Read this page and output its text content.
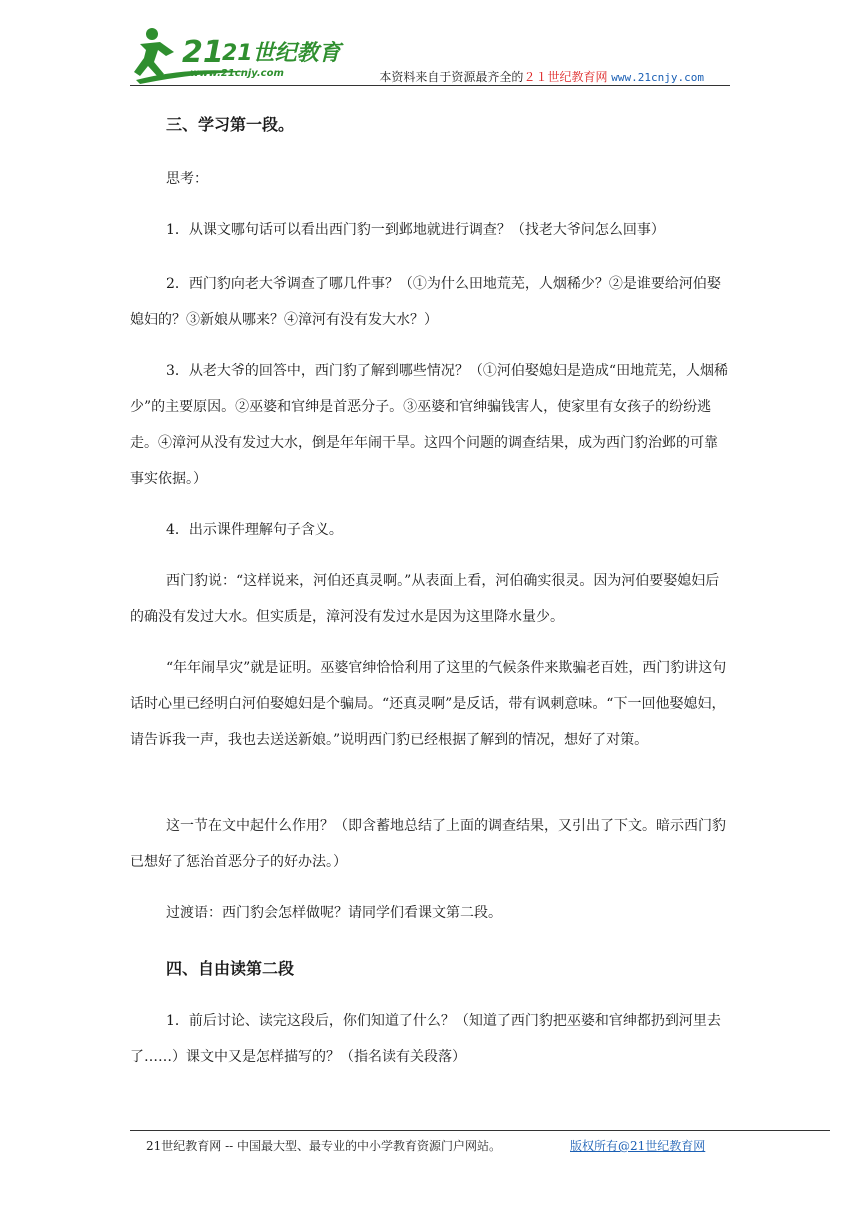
21
21世纪教育
www.21cnjy.com	本资料来自于资源最齐全的２１世纪教育网 www.21cnjy.com
三、学习第一段。
思考：
1．从课文哪句话可以看出西门豹一到邺地就进行调查？（找老大爷问怎么回事）
2．西门豹向老大爷调查了哪几件事？（①为什么田地荒芜，人烟稀少？②是谁要给河伯娶媳妇的？③新娘从哪来？④漳河有没有发大水？）
3．从老大爷的回答中，西门豹了解到哪些情况？（①河伯娶媳妇是造成“田地荒芜，人烟稀少”的主要原因。②巫婆和官绅是首恶分子。③巫婆和官绅骗钱害人，使家里有女孩子的纷纷逃走。④漳河从没有发过大水，倒是年年闹干旱。这四个问题的调查结果，成为西门豹治邺的可靠事实依据。）
4．出示课件理解句子含义。
西门豹说：“这样说来，河伯还真灵啊。”从表面上看，河伯确实很灵。因为河伯要娶媳妇后的确没有发过大水。但实质是，漳河没有发过水是因为这里降水量少。
“年年闹旱灾”就是证明。巫婆官绅恰恰利用了这里的气候条件来欺骗老百姓，西门豹讲这句话时心里已经明白河伯娶媳妇是个骗局。“还真灵啊”是反话，带有讽刺意味。“下一回他娶媳妇，请告诉我一声，我也去送送新娘。”说明西门豹已经根据了解到的情况，想好了对策。
这一节在文中起什么作用？（即含蓄地总结了上面的调查结果，又引出了下文。暗示西门豹已想好了惩治首恶分子的好办法。）
过渡语：西门豹会怎样做呢？请同学们看课文第二段。
四、自由读第二段
1．前后讨论、读完这段后，你们知道了什么？（知道了西门豹把巫婆和官绅都扔到河里去了……）课文中又是怎样描写的？（指名读有关段落）
21世纪教育网 -- 中国最大型、最专业的中小学教育资源门户网站。	版权所有@21世纪教育网
